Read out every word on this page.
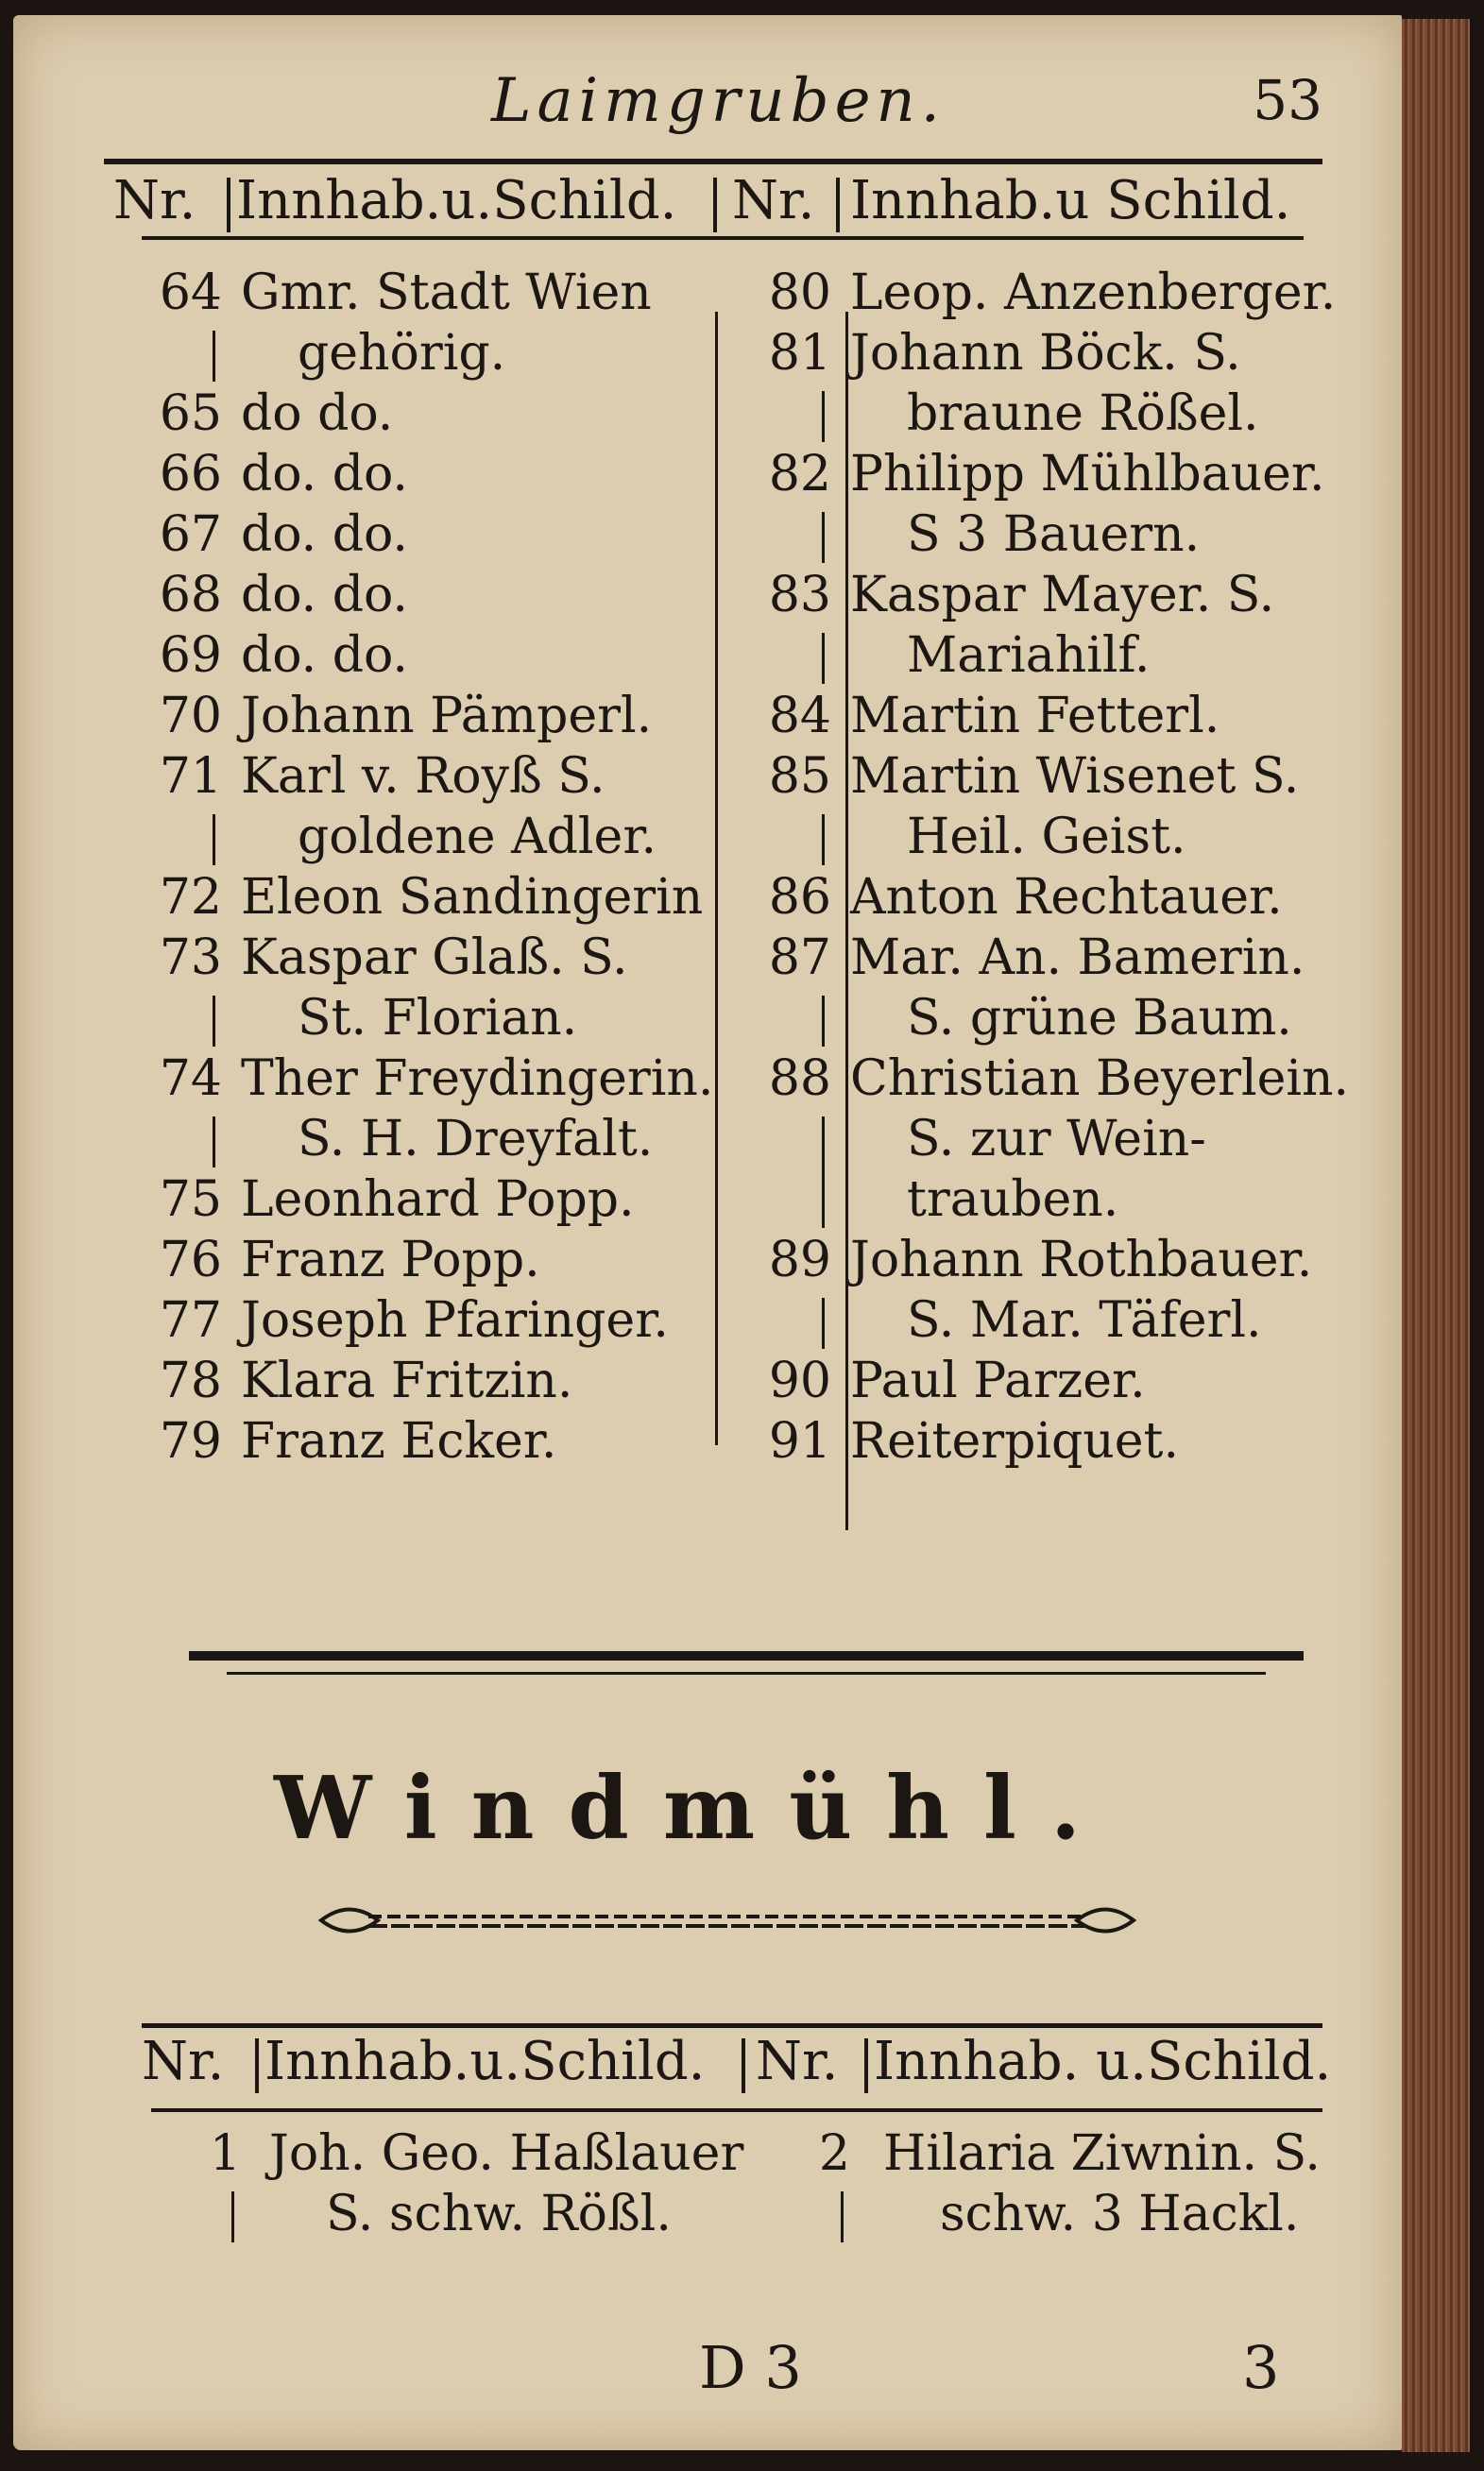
Laimgruben.	53
Nr. Innhab.u.Schild. Nr. Innhab.u Schild.
64 Gmr. Stadt Wien
gehörig.
65 do do.
66 do. do.
67 do. do.
68 do. do.
69 do. do.
70 Johann Pämperl.
71 Karl v. Royß S.
goldene Adler.
72 Eleon Sandingerin
73 Kaspar Glaß. S.
St. Florian.
74 Ther Freydingerin.
S. H. Dreyfalt.
75 Leonhard Popp.
76 Franz Popp.
77 Joseph Pfaringer.
78 Klara Fritzin.
79 Franz Ecker.
80 Leop. Anzenberger.
81 Johann Böck. S.
braune Rößel.
82 Philipp Mühlbauer.
S 3 Bauern.
83 Kaspar Mayer. S.
Mariahilf.
84 Martin Fetterl.
85 Martin Wisenet S.
Heil. Geist.
86 Anton Rechtauer.
87 Mar. An. Bamerin.
S. grüne Baum.
88 Christian Beyerlein.
S. zur Wein-
trauben.
89 Johann Rothbauer.
S. Mar. Täferl.
90 Paul Parzer.
91 Reiterpiquet.
Windmühl.
Nr. Innhab.u.Schild. Nr. Innhab. u.Schild.
1 Joh. Geo. Haßlauer
S. schw. Rößl.
2 Hilaria Ziwnin. S.
schw. 3 Hackl.
D 3	3
